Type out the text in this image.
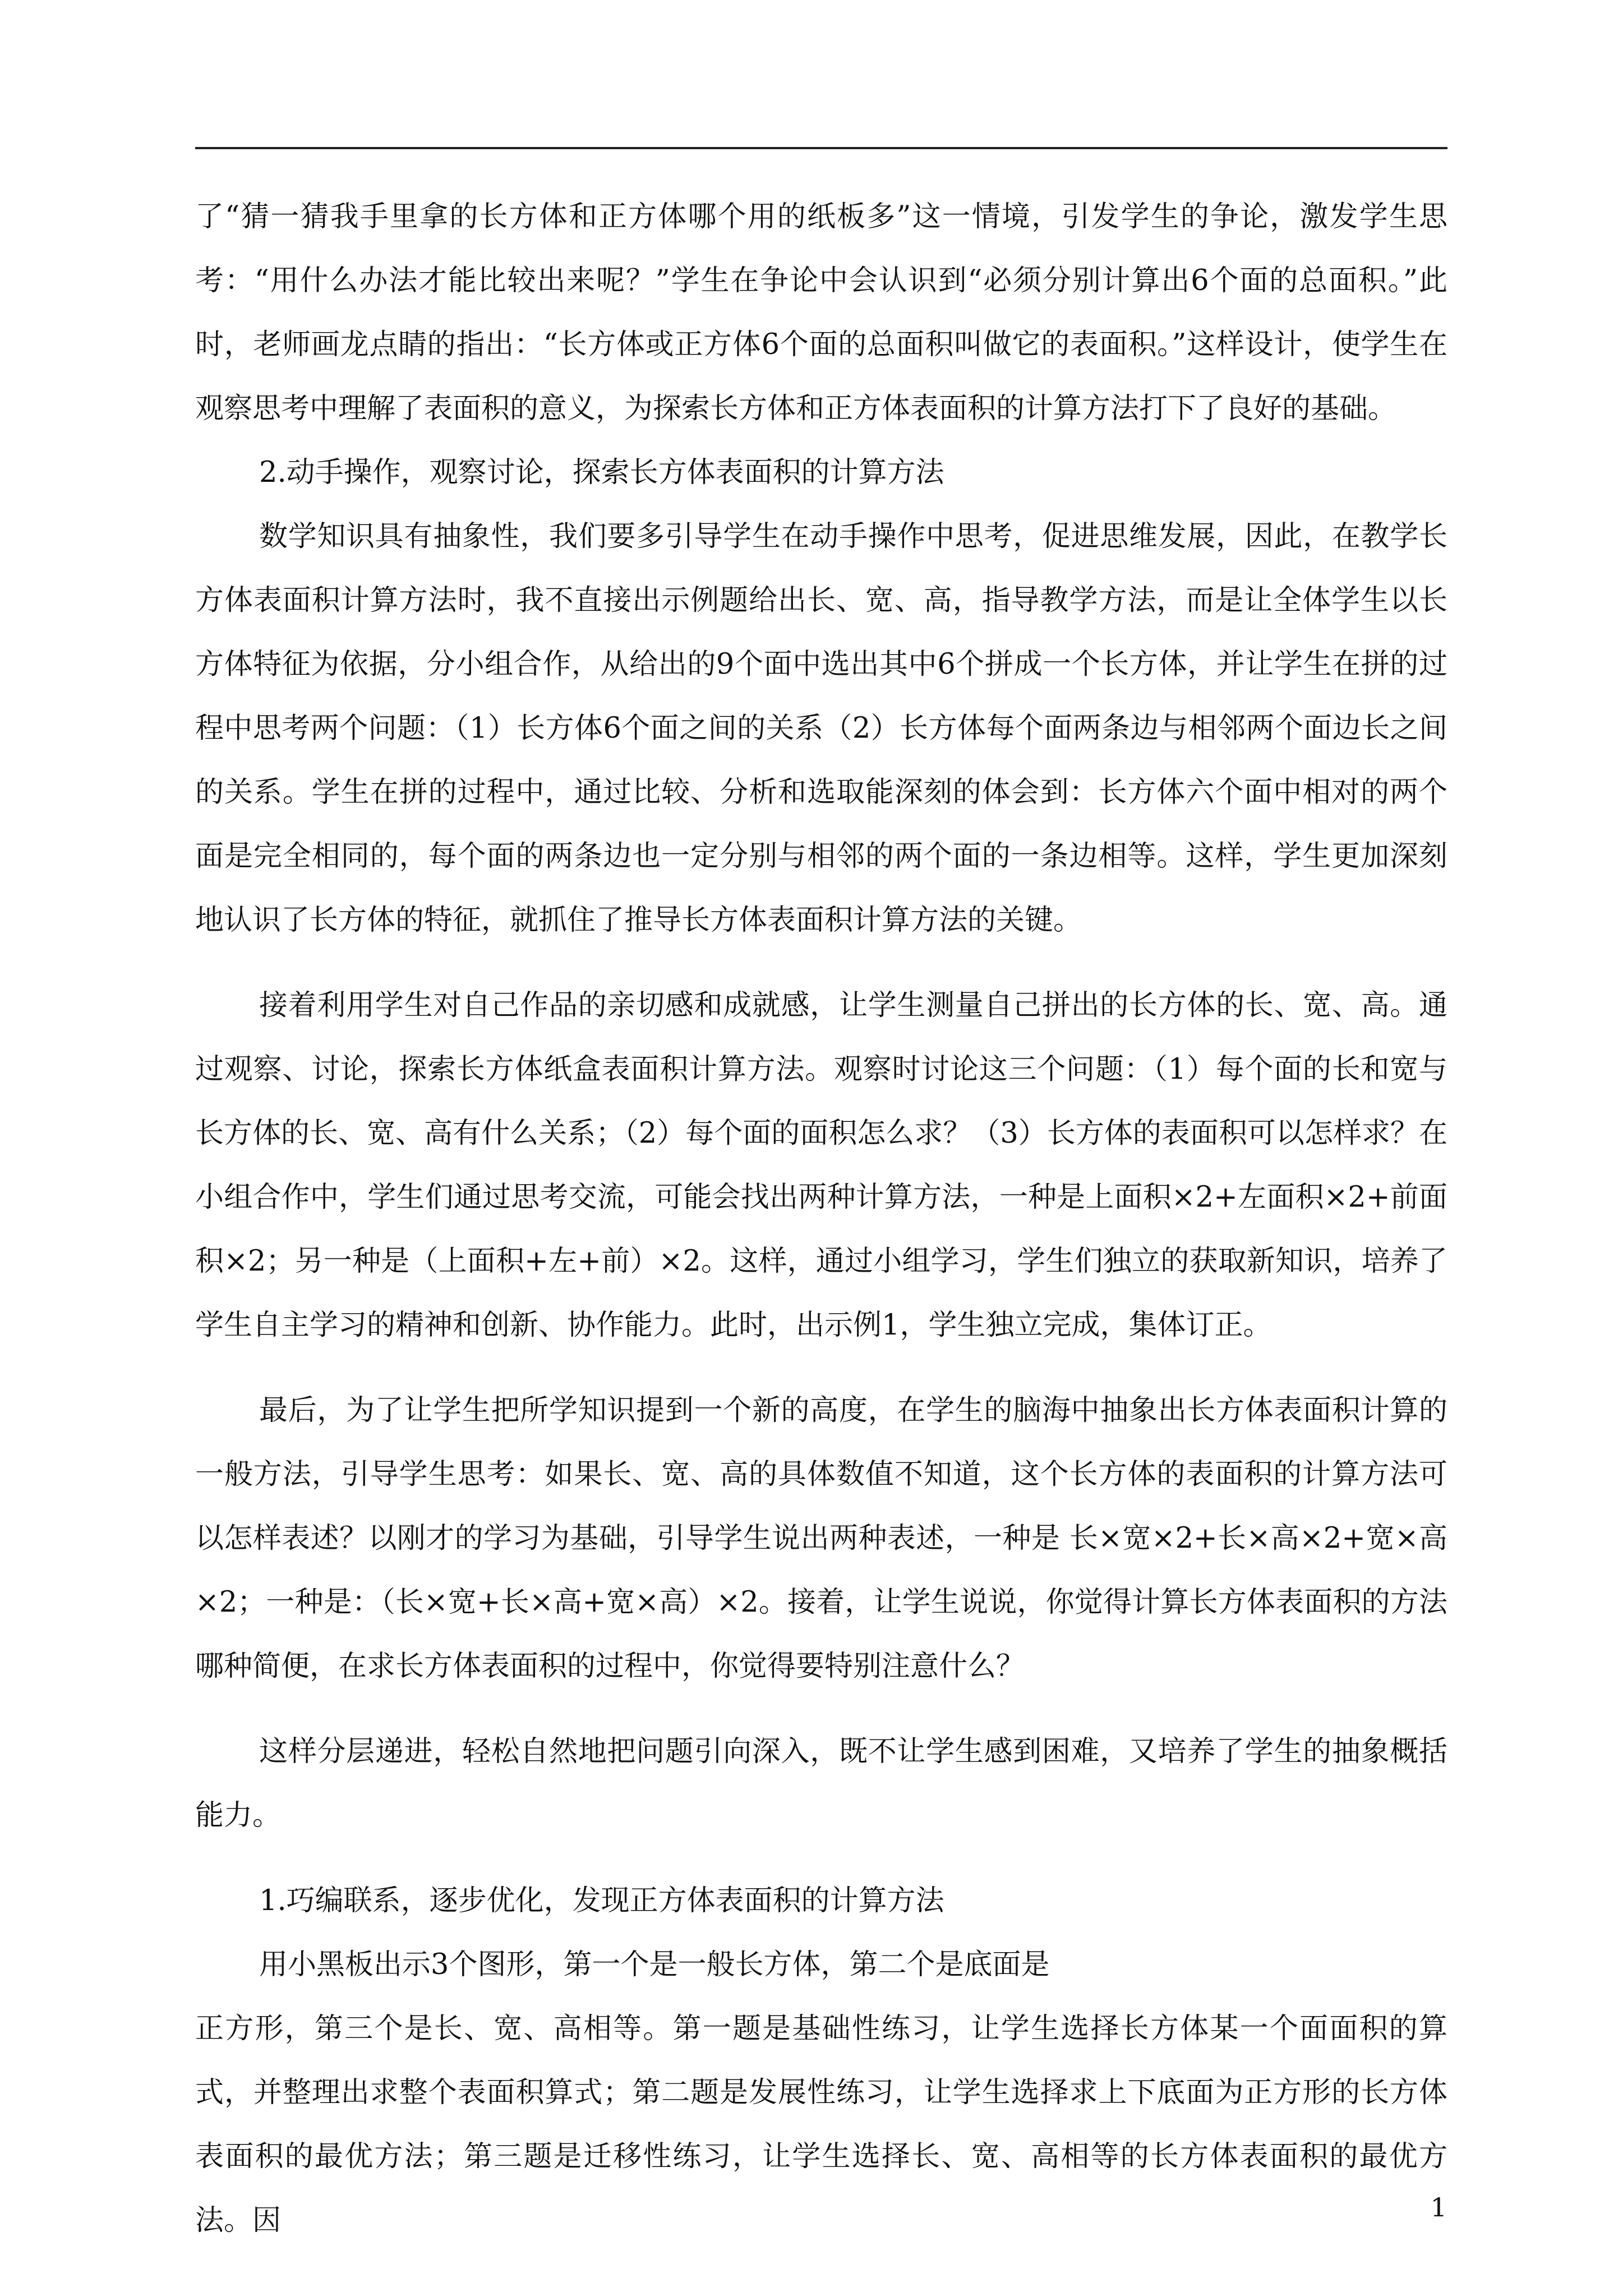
了“猜一猜我手里拿的长方体和正方体哪个用的纸板多”这一情境，引发学生的争论，激发学生思考：“用什么办法才能比较出来呢？”学生在争论中会认识到“必须分别计算出6个面的总面积。”此时，老师画龙点睛的指出：“长方体或正方体6个面的总面积叫做它的表面积。”这样设计，使学生在观察思考中理解了表面积的意义，为探索长方体和正方体表面积的计算方法打下了良好的基础。

2.动手操作，观察讨论，探索长方体表面积的计算方法

数学知识具有抽象性，我们要多引导学生在动手操作中思考，促进思维发展，因此，在教学长方体表面积计算方法时，我不直接出示例题给出长、宽、高，指导教学方法，而是让全体学生以长方体特征为依据，分小组合作，从给出的9个面中选出其中6个拼成一个长方体，并让学生在拼的过程中思考两个问题：（1）长方体6个面之间的关系（2）长方体每个面两条边与相邻两个面边长之间的关系。学生在拼的过程中，通过比较、分析和选取能深刻的体会到：长方体六个面中相对的两个面是完全相同的，每个面的两条边也一定分别与相邻的两个面的一条边相等。这样，学生更加深刻地认识了长方体的特征，就抓住了推导长方体表面积计算方法的关键。

接着利用学生对自己作品的亲切感和成就感，让学生测量自己拼出的长方体的长、宽、高。通过观察、讨论，探索长方体纸盒表面积计算方法。观察时讨论这三个问题：（1）每个面的长和宽与长方体的长、宽、高有什么关系；（2）每个面的面积怎么求？（3）长方体的表面积可以怎样求？在小组合作中，学生们通过思考交流，可能会找出两种计算方法，一种是上面积×2+左面积×2+前面积×2；另一种是（上面积+左+前）×2。这样，通过小组学习，学生们独立的获取新知识，培养了学生自主学习的精神和创新、协作能力。此时，出示例1，学生独立完成，集体订正。

最后，为了让学生把所学知识提到一个新的高度，在学生的脑海中抽象出长方体表面积计算的一般方法，引导学生思考：如果长、宽、高的具体数值不知道，这个长方体的表面积的计算方法可以怎样表述？以刚才的学习为基础，引导学生说出两种表述，一种是 长×宽×2+长×高×2+宽×高×2；一种是：（长×宽+长×高+宽×高）×2。接着，让学生说说，你觉得计算长方体表面积的方法哪种简便，在求长方体表面积的过程中，你觉得要特别注意什么？

这样分层递进，轻松自然地把问题引向深入，既不让学生感到困难，又培养了学生的抽象概括能力。

1.巧编联系，逐步优化，发现正方体表面积的计算方法

用小黑板出示3个图形，第一个是一般长方体，第二个是底面是

正方形，第三个是长、宽、高相等。第一题是基础性练习，让学生选择长方体某一个面面积的算式，并整理出求整个表面积算式；第二题是发展性练习，让学生选择求上下底面为正方形的长方体表面积的最优方法；第三题是迁移性练习，让学生选择长、宽、高相等的长方体表面积的最优方法。因	1
